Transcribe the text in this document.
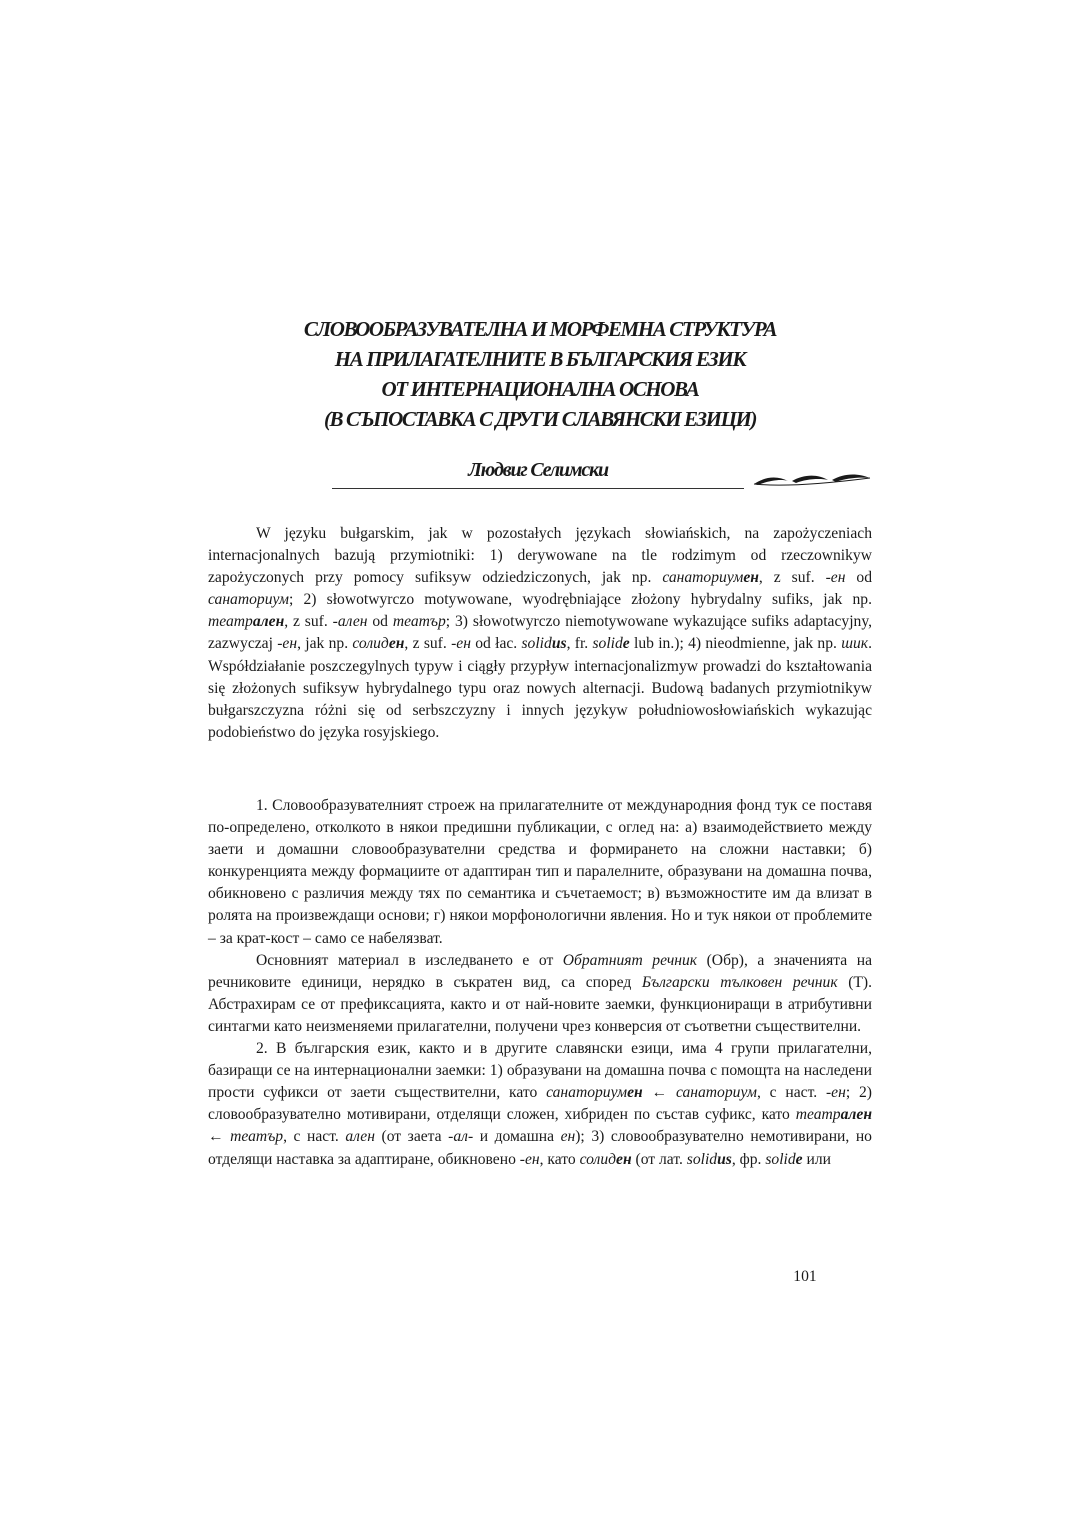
СЛОВООБРАЗУВАТЕЛНА И МОРФЕМНА СТРУКТУРА
НА ПРИЛАГАТЕЛНИТЕ В БЪЛГАРСКИЯ ЕЗИК
ОТ ИНТЕРНАЦИОНАЛНА ОСНОВА
(В СЪПОСТАВКА С ДРУГИ СЛАВЯНСКИ ЕЗИЦИ)
Людвиг Селимски

W języku bułgarskim, jak w pozostałych językach słowiańskich, na zapożyczeniach internacjonalnych bazują przymiotniki: 1) derywowane na tle rodzimym od rzeczownikyw zapożyczonych przy pomocy sufiksyw odziedziczonych, jak np. санаториумен, z suf. -ен od санаториум; 2) słowotwyrczo motywowane, wyodrębniające złożony hybrydalny sufiks, jak np. театрален, z suf. -ален od театър; 3) słowotwyrczo niemotywowane wykazujące sufiks adaptacyjny, zazwyczaj -ен, jak np. солиден, z suf. -ен od łac. solidus, fr. solide lub in.); 4) nieodmienne, jak np. шик. Współdziałanie poszczegylnych typyw i ciągły przypływ internacjonalizmyw prowadzi do kształtowania się złożonych sufiksyw hybrydalnego typu oraz nowych alternacji. Budową badanych przymiotnikyw bułgarszczyzna różni się od serbszczyzny i innych językyw południowosłowiańskich wykazując podobieństwo do języka rosyjskiego.

1. Словообразувателният строеж на прилагателните от международния фонд тук се поставя по-определено, отколкото в някои предишни публикации, с оглед на: а) взаимодействието между заети и домашни словообразувателни средства и формирането на сложни наставки; б) конкуренцията между формациите от адаптиран тип и паралелните, образувани на домашна почва, обикновено с различия между тях по семантика и съчетаемост; в) възможностите им да влизат в ролята на произвеждащи основи; г) някои морфонологични явления. Но и тук някои от проблемите – за крат-кост – само се набелязват.

Основният материал в изследването е от Обратният речник (Обр), а значенията на речниковите единици, нерядко в съкратен вид, са според Български тълковен речник (Т). Абстрахирам се от префиксацията, както и от най-новите заемки, функциониращи в атрибутивни синтагми като неизменяеми прилагателни, получени чрез конверсия от съответни съществителни.

2. В българския език, както и в другите славянски езици, има 4 групи прилагателни, базиращи се на интернационални заемки: 1) образувани на домашна почва с помощта на наследени прости суфикси от заети съществителни, като санаториумен ← санаториум, с наст. -ен; 2) словообразувателно мотивирани, отделящи сложен, хибриден по състав суфикс, като театрален ← театър, с наст. ален (от заета -ал- и домашна ен); 3) словообразувателно немотивирани, но отделящи наставка за адаптиране, обикновено -ен, като солиден (от лат. solidus, фр. solide или

101
